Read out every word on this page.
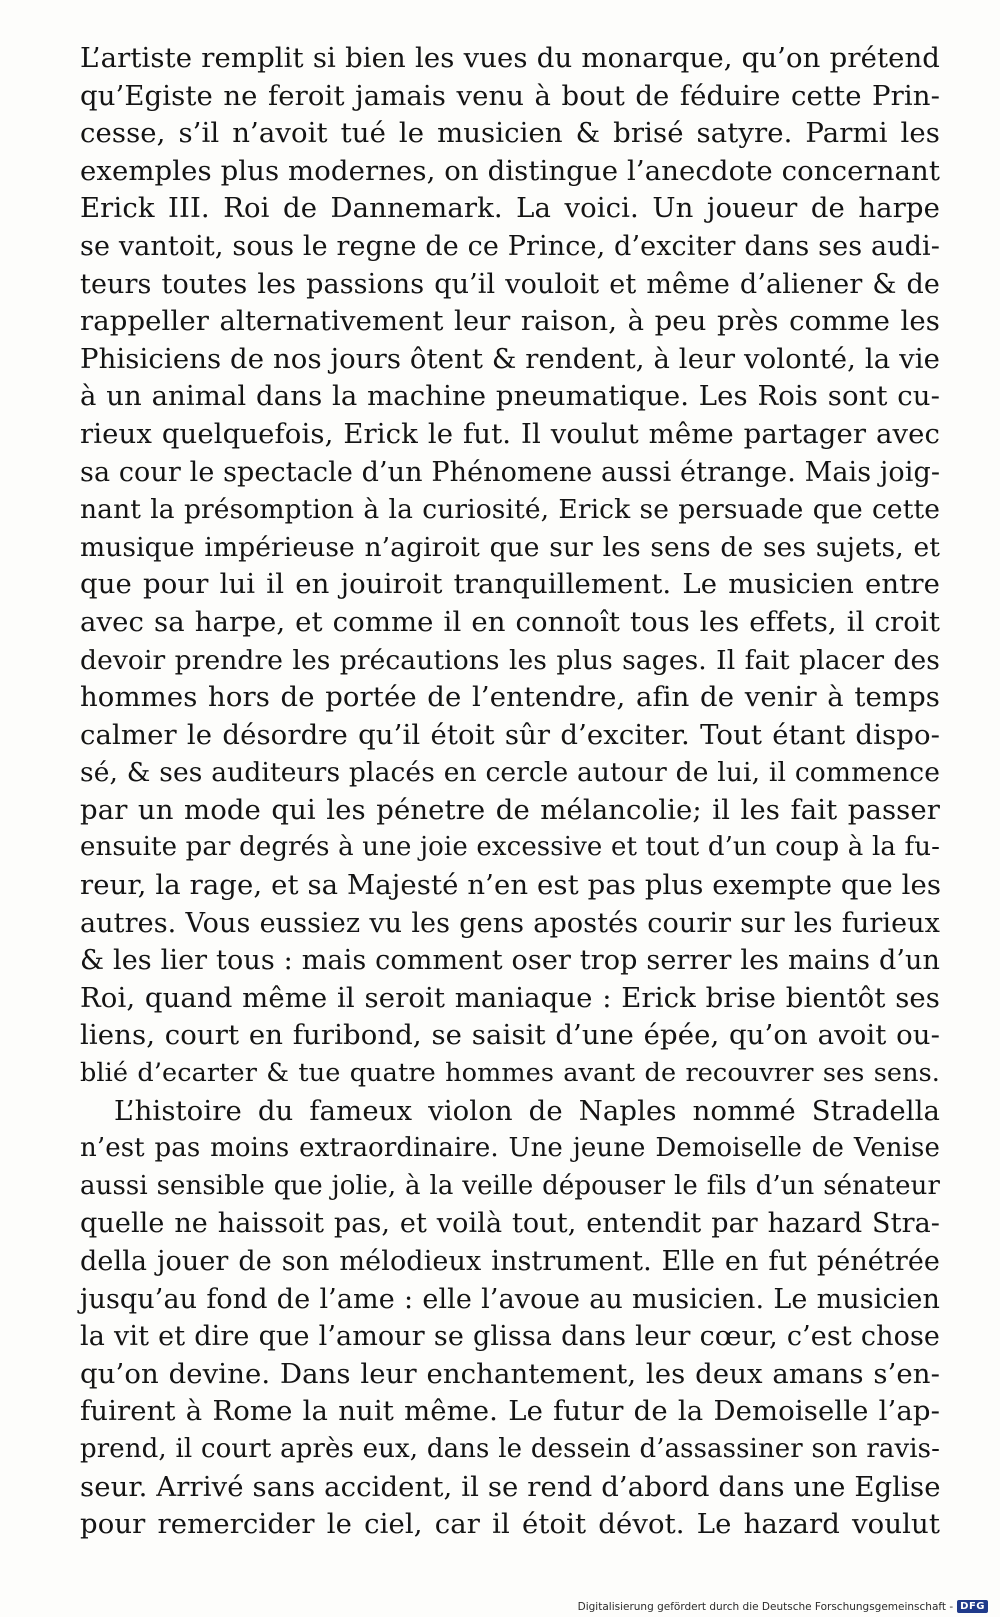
L’artiste remplit si bien les vues du monarque, qu’on prétend
qu’Egiste ne feroit jamais venu à bout de féduire cette Prin-
cesse, s’il n’avoit tué le musicien & brisé satyre. Parmi les
exemples plus modernes, on distingue l’anecdote concernant
Erick III. Roi de Dannemark. La voici. Un joueur de harpe
se vantoit, sous le regne de ce Prince, d’exciter dans ses audi-
teurs toutes les passions qu’il vouloit et même d’aliener & de
rappeller alternativement leur raison, à peu près comme les
Phisiciens de nos jours ôtent & rendent, à leur volonté, la vie
à un animal dans la machine pneumatique. Les Rois sont cu-
rieux quelquefois, Erick le fut. Il voulut même partager avec
sa cour le spectacle d’un Phénomene aussi étrange. Mais joig-
nant la présomption à la curiosité, Erick se persuade que cette
musique impérieuse n’agiroit que sur les sens de ses sujets, et
que pour lui il en jouiroit tranquillement. Le musicien entre
avec sa harpe, et comme il en connoît tous les effets, il croit
devoir prendre les précautions les plus sages. Il fait placer des
hommes hors de portée de l’entendre, afin de venir à temps
calmer le désordre qu’il étoit sûr d’exciter. Tout étant dispo-
sé, & ses auditeurs placés en cercle autour de lui, il commence
par un mode qui les pénetre de mélancolie; il les fait passer
ensuite par degrés à une joie excessive et tout d’un coup à la fu-
reur, la rage, et sa Majesté n’en est pas plus exempte que les
autres. Vous eussiez vu les gens apostés courir sur les furieux
& les lier tous : mais comment oser trop serrer les mains d’un
Roi, quand même il seroit maniaque : Erick brise bientôt ses
liens, court en furibond, se saisit d’une épée, qu’on avoit ou-
blié d’ecarter & tue quatre hommes avant de recouvrer ses sens.
L’histoire du fameux violon de Naples nommé Stradella
n’est pas moins extraordinaire. Une jeune Demoiselle de Venise
aussi sensible que jolie, à la veille dépouser le fils d’un sénateur
quelle ne haissoit pas, et voilà tout, entendit par hazard Stra-
della jouer de son mélodieux instrument. Elle en fut pénétrée
jusqu’au fond de l’ame : elle l’avoue au musicien. Le musicien
la vit et dire que l’amour se glissa dans leur cœur, c’est chose
qu’on devine. Dans leur enchantement, les deux amans s’en-
fuirent à Rome la nuit même. Le futur de la Demoiselle l’ap-
prend, il court après eux, dans le dessein d’assassiner son ravis-
seur. Arrivé sans accident, il se rend d’abord dans une Eglise
pour remercider le ciel, car il étoit dévot. Le hazard voulut
Digitalisierung gefördert durch die Deutsche Forschungsgemeinschaft - DFG
